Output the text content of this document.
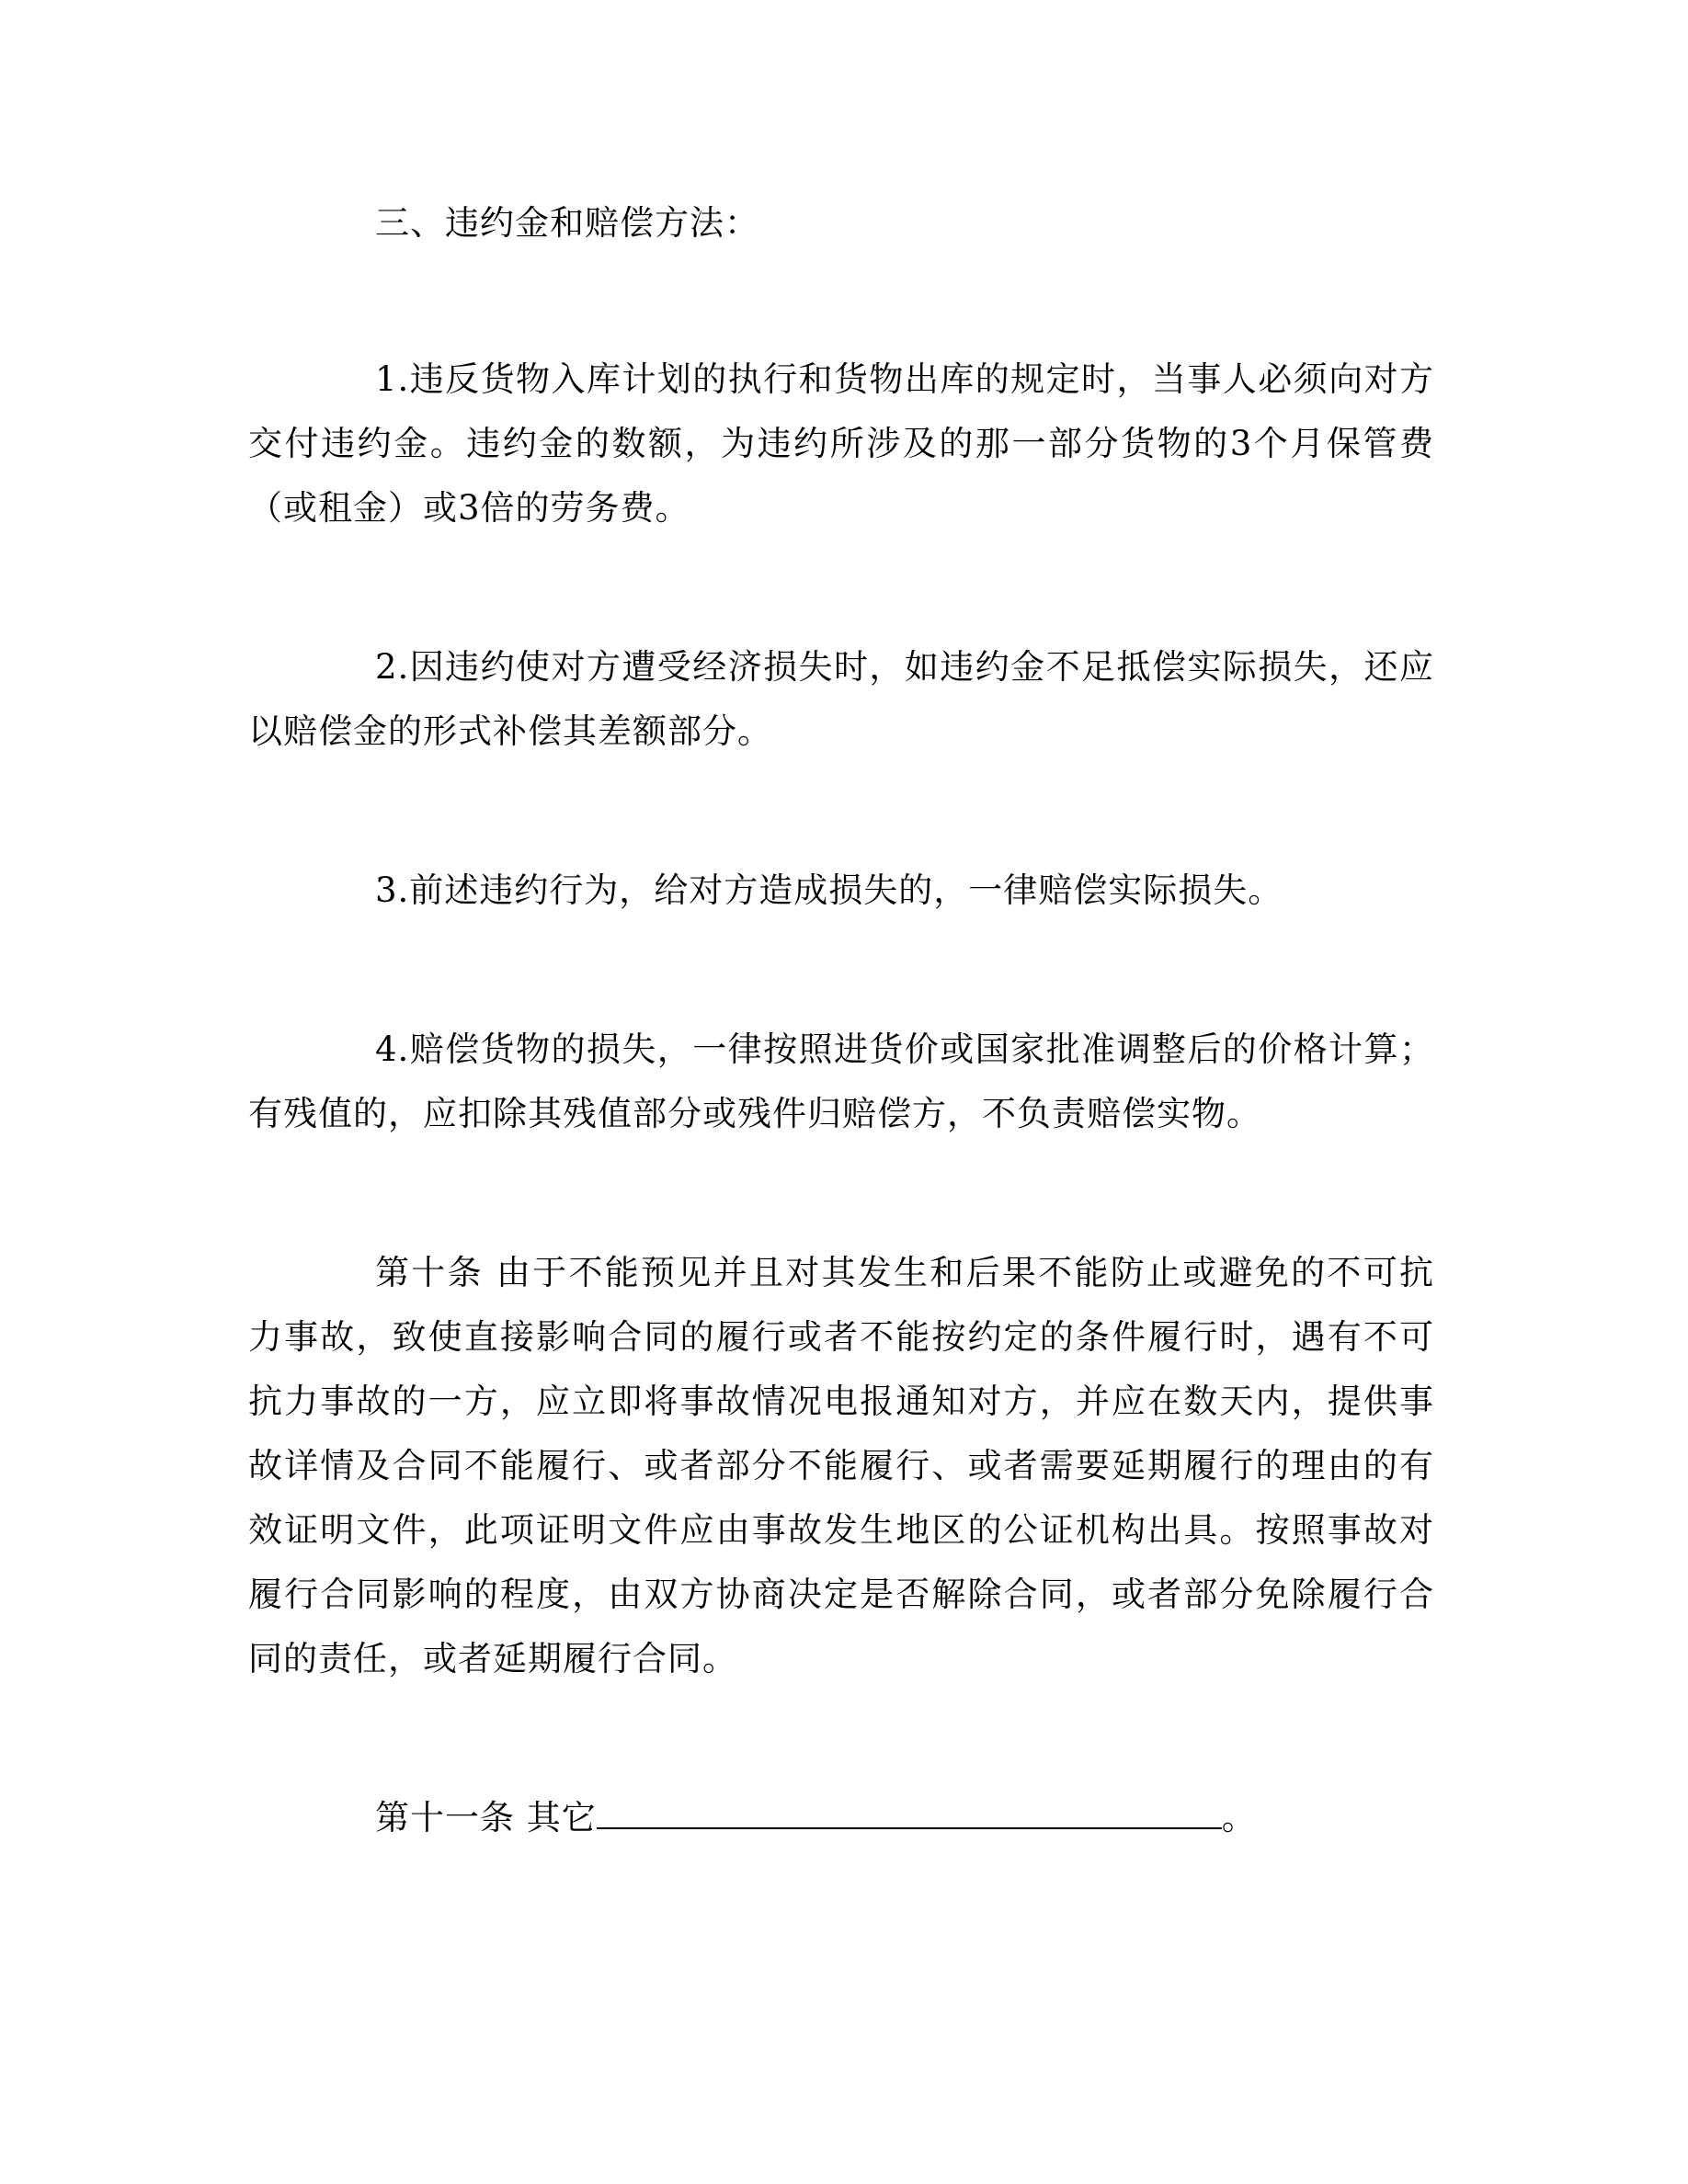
三、违约金和赔偿方法：

1.违反货物入库计划的执行和货物出库的规定时，当事人必须向对方交付违约金。违约金的数额，为违约所涉及的那一部分货物的3个月保管费（或租金）或3倍的劳务费。

2.因违约使对方遭受经济损失时，如违约金不足抵偿实际损失，还应以赔偿金的形式补偿其差额部分。

3.前述违约行为，给对方造成损失的，一律赔偿实际损失。

4.赔偿货物的损失，一律按照进货价或国家批准调整后的价格计算；有残值的，应扣除其残值部分或残件归赔偿方，不负责赔偿实物。

第十条 由于不能预见并且对其发生和后果不能防止或避免的不可抗力事故，致使直接影响合同的履行或者不能按约定的条件履行时，遇有不可抗力事故的一方，应立即将事故情况电报通知对方，并应在数天内，提供事故详情及合同不能履行、或者部分不能履行、或者需要延期履行的理由的有效证明文件，此项证明文件应由事故发生地区的公证机构出具。按照事故对履行合同影响的程度，由双方协商决定是否解除合同，或者部分免除履行合同的责任，或者延期履行合同。

第十一条 其它	。
